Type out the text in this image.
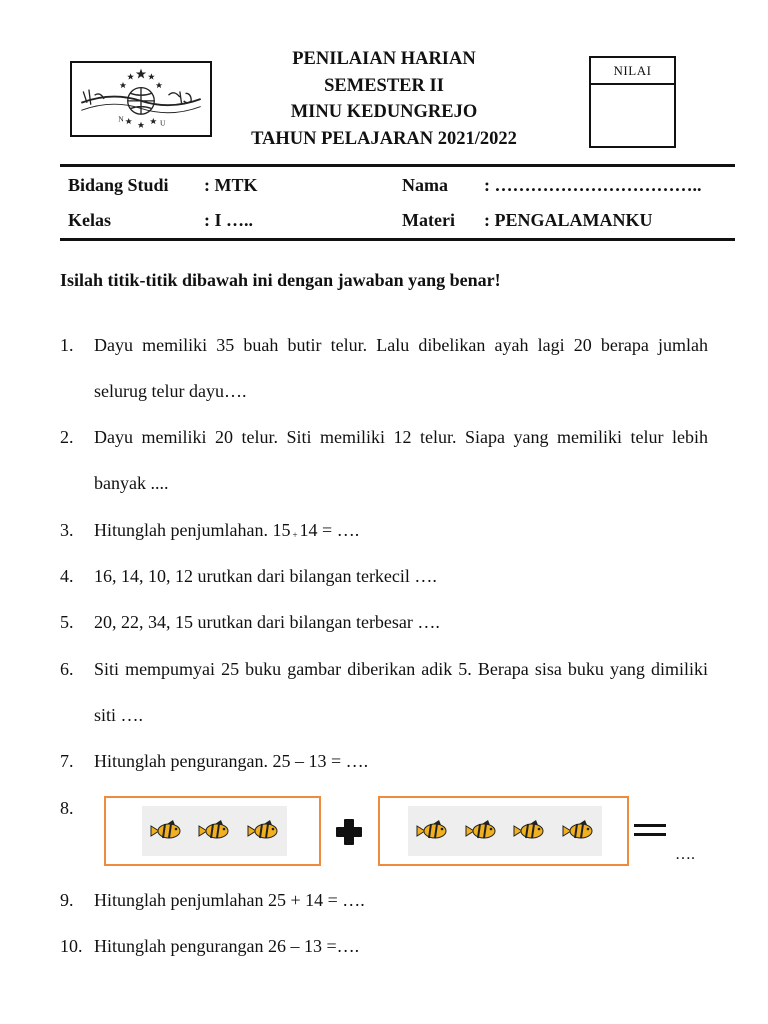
N	U
PENILAIAN HARIAN
SEMESTER II
MINU KEDUNGREJO
TAHUN PELAJARAN 2021/2022
NILAI
Bidang Studi : MTK	Nama : ……………………………..
Kelas	: I …..	Materi : PENGALAMANKU
Isilah titik-titik dibawah ini dengan jawaban yang benar!
1. Dayu memiliki 35 buah butir telur. Lalu dibelikan ayah lagi 20 berapa jumlah selurug telur dayu….
2. Dayu memiliki 20 telur. Siti memiliki 12 telur. Siapa yang memiliki telur lebih banyak ....
3. Hitunglah penjumlahan. 15 + 14 = ….
4. 16, 14, 10, 12 urutkan dari bilangan terkecil ….
5. 20, 22, 34, 15 urutkan dari bilangan terbesar ….
6. Siti mempumyai 25 buku gambar diberikan adik 5. Berapa sisa buku yang dimiliki siti ….
7. Hitunglah pengurangan. 25 – 13 = ….
8.
….
9. Hitunglah penjumlahan 25 + 14 = ….
10. Hitunglah pengurangan 26 – 13 =….
